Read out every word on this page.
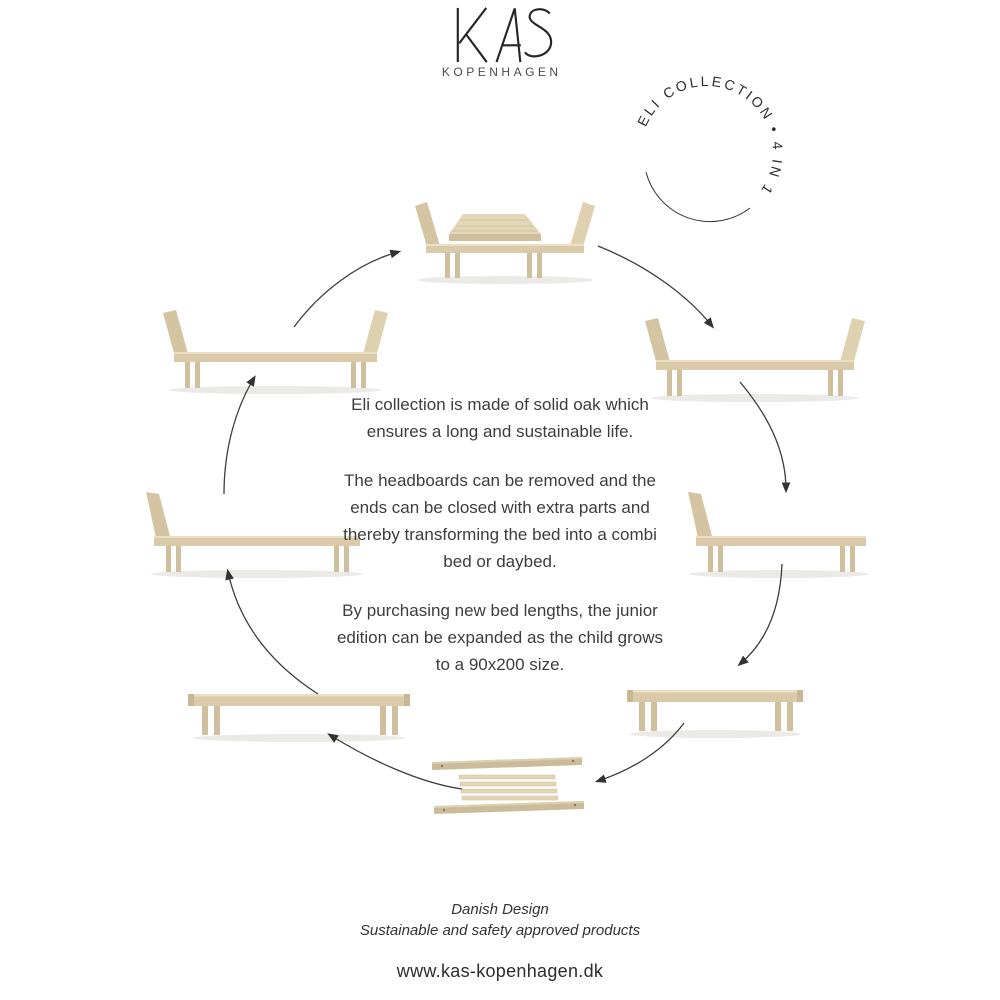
KOPENHAGEN
ELI COLLECTION • 4 IN 1

Eli collection is made of solid oak which ensures a long and sustainable life.

The headboards can be removed and the ends can be closed with extra parts and thereby transforming the bed into a combi bed or daybed.

By purchasing new bed lengths, the junior edition can be expanded as the child grows to a 90x200 size.

Danish Design
Sustainable and safety approved products
www.kas-kopenhagen.dk
